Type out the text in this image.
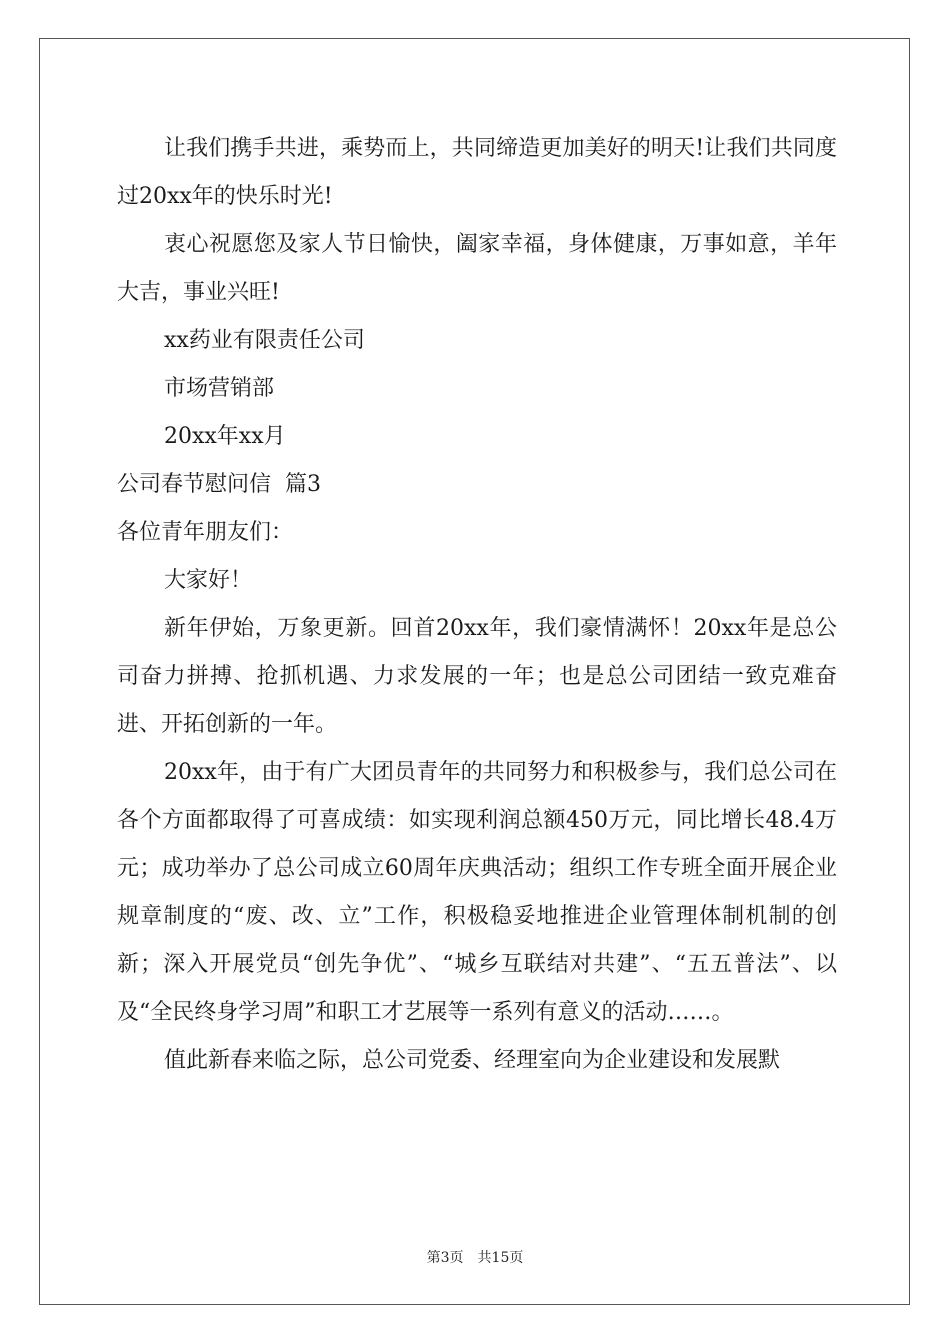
让我们携手共进，乘势而上，共同缔造更加美好的明天!让我们共同度过20xx年的快乐时光!

衷心祝愿您及家人节日愉快，阖家幸福，身体健康，万事如意，羊年大吉，事业兴旺!

xx药业有限责任公司

市场营销部

20xx年xx月

公司春节慰问信  篇3

各位青年朋友们：

大家好！

新年伊始，万象更新。回首20xx年，我们豪情满怀！20xx年是总公司奋力拼搏、抢抓机遇、力求发展的一年；也是总公司团结一致克难奋进、开拓创新的一年。

20xx年，由于有广大团员青年的共同努力和积极参与，我们总公司在各个方面都取得了可喜成绩：如实现利润总额450万元，同比增长48.4万元；成功举办了总公司成立60周年庆典活动；组织工作专班全面开展企业规章制度的“废、改、立”工作，积极稳妥地推进企业管理体制机制的创新；深入开展党员“创先争优”、“城乡互联结对共建”、“五五普法”、以及“全民终身学习周”和职工才艺展等一系列有意义的活动……。

值此新春来临之际，总公司党委、经理室向为企业建设和发展默

第3页 共15页
